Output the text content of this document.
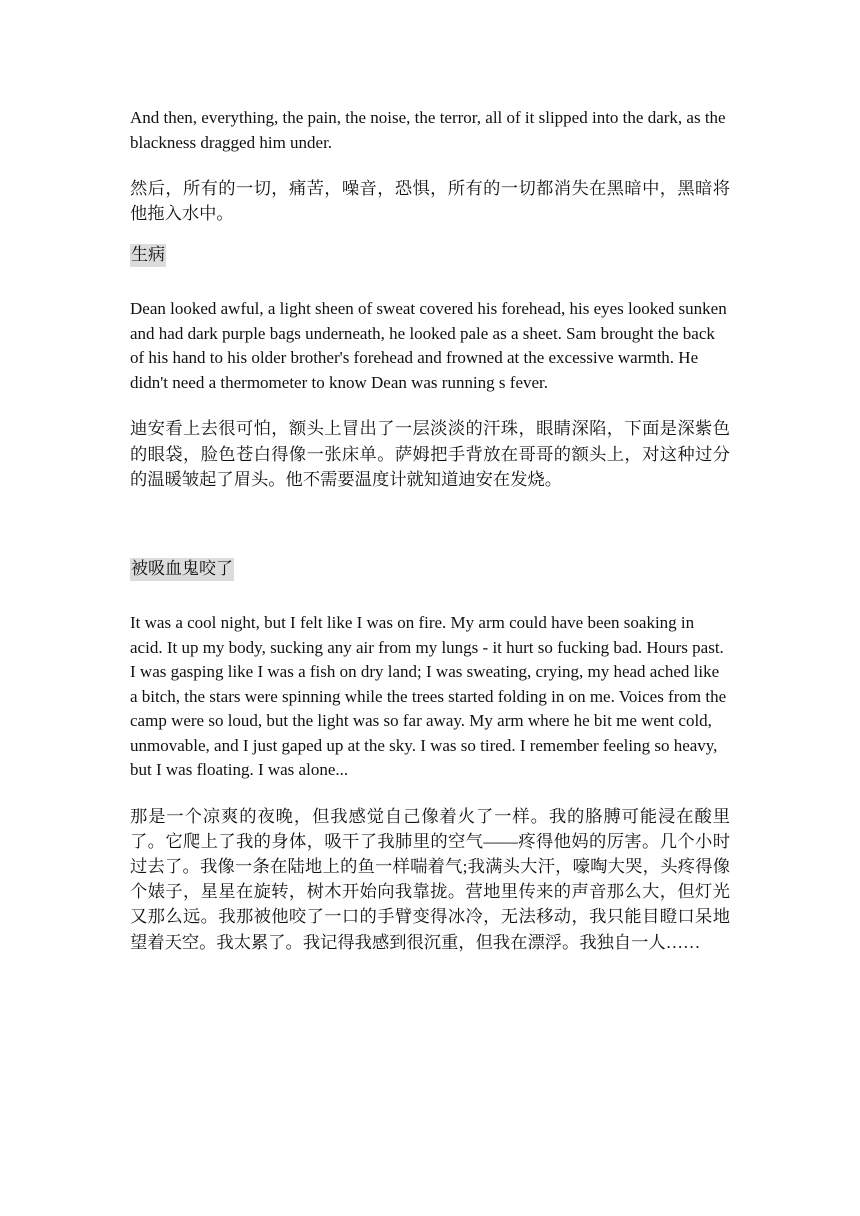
And then, everything, the pain, the noise, the terror, all of it slipped into the dark, as the blackness dragged him under.

然后，所有的一切，痛苦，噪音，恐惧，所有的一切都消失在黑暗中，黑暗将他拖入水中。

生病

Dean looked awful, a light sheen of sweat covered his forehead, his eyes looked sunken and had dark purple bags underneath, he looked pale as a sheet. Sam brought the back of his hand to his older brother's forehead and frowned at the excessive warmth. He didn't need a thermometer to know Dean was running s fever.

迪安看上去很可怕，额头上冒出了一层淡淡的汗珠，眼睛深陷，下面是深紫色的眼袋，脸色苍白得像一张床单。萨姆把手背放在哥哥的额头上，对这种过分的温暖皱起了眉头。他不需要温度计就知道迪安在发烧。

被吸血鬼咬了

It was a cool night, but I felt like I was on fire. My arm could have been soaking in acid. It up my body, sucking any air from my lungs - it hurt so fucking bad. Hours past. I was gasping like I was a fish on dry land; I was sweating, crying, my head ached like a bitch, the stars were spinning while the trees started folding in on me. Voices from the camp were so loud, but the light was so far away. My arm where he bit me went cold, unmovable, and I just gaped up at the sky. I was so tired. I remember feeling so heavy, but I was floating. I was alone...

那是一个凉爽的夜晚，但我感觉自己像着火了一样。我的胳膊可能浸在酸里了。它爬上了我的身体，吸干了我肺里的空气——疼得他妈的厉害。几个小时过去了。我像一条在陆地上的鱼一样喘着气;我满头大汗，嚎啕大哭，头疼得像个婊子，星星在旋转，树木开始向我靠拢。营地里传来的声音那么大，但灯光又那么远。我那被他咬了一口的手臂变得冰冷，无法移动，我只能目瞪口呆地望着天空。我太累了。我记得我感到很沉重，但我在漂浮。我独自一人……
